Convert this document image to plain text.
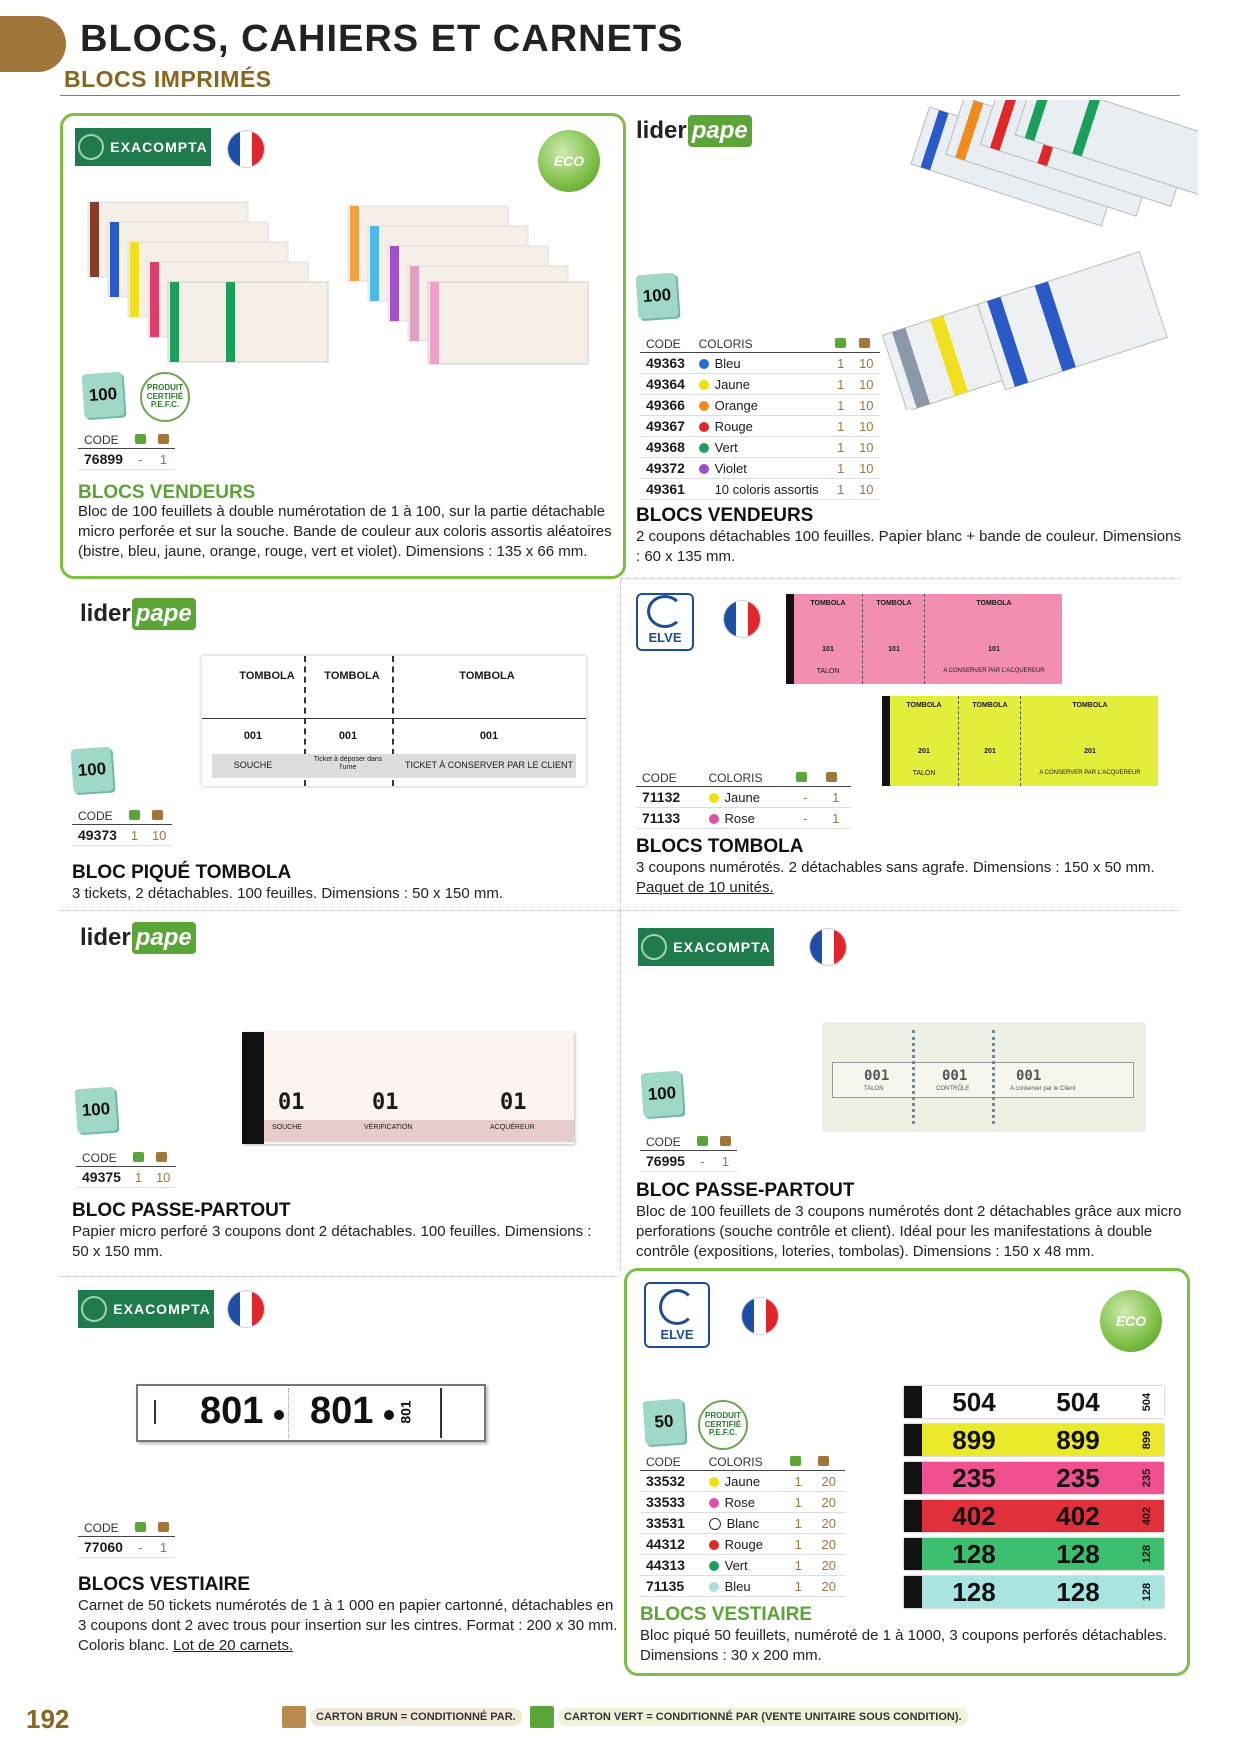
BLOCS, CAHIERS ET CARNETS
BLOCS IMPRIMÉS
EXACOMPTA
ECO
100	PRODUIT CERTIFIÉ P.E.F.C.
CODE		
76899	-	1
BLOCS VENDEURS
Bloc de 100 feuillets à double numérotation de 1 à 100, sur la partie détachable micro perforée et sur la souche. Bande de couleur aux coloris assortis aléatoires (bistre, bleu, jaune, orange, rouge, vert et violet). Dimensions : 135 x 66 mm.
lider pape
100
CODE	COLORIS		
49363	Bleu	1	10
49364	Jaune	1	10
49366	Orange	1	10
49367	Rouge	1	10
49368	Vert	1	10
49372	Violet	1	10
49361	10 coloris assortis	1	10
BLOCS VENDEURS
2 coupons détachables 100 feuilles. Papier blanc + bande de couleur. Dimensions : 60 x 135 mm.
lider pape
TOMBOLA	TOMBOLA	TOMBOLA
001	001	001
SOUCHE
Ticket à déposer dans l'urne	TICKET À CONSERVER PAR LE CLIENT
100
CODE		
49373	1	10
BLOC PIQUÉ TOMBOLA
3 tickets, 2 détachables. 100 feuilles. Dimensions : 50 x 150 mm.
ELVE
TOMBOLA	TOMBOLA	TOMBOLA
101	101	101
TALON	A CONSERVER PAR L'ACQUEREUR
TOMBOLA	TOMBOLA	TOMBOLA
201	201	201
TALON	A CONSERVER PAR L'ACQUEREUR
CODE	COLORIS		
71132	Jaune	-	1
71133	Rose	-	1
BLOCS TOMBOLA
3 coupons numérotés. 2 détachables sans agrafe. Dimensions : 150 x 50 mm.
Paquet de 10 unités.
lider pape
01	01	01
SOUCHE	VÉRIFICATION	ACQUÉREUR
100
CODE		
49375	1	10
BLOC PASSE-PARTOUT
Papier micro perforé 3 coupons dont 2 détachables. 100 feuilles. Dimensions : 50 x 150 mm.
EXACOMPTA
001	001	001
TALON	CONTRÔLE	A conserver par le Client
100
CODE		
76995	-	1
BLOC PASSE-PARTOUT
Bloc de 100 feuillets de 3 coupons numérotés dont 2 détachables grâce aux micro perforations (souche contrôle et client). Idéal pour les manifestations à double contrôle (expositions, loteries, tombolas). Dimensions : 150 x 48 mm.
EXACOMPTA
801 801 801
CODE		
77060	-	1
BLOCS VESTIAIRE
Carnet de 50 tickets numérotés de 1 à 1 000 en papier cartonné, détachables en 3 coupons dont 2 avec trous pour insertion sur les cintres. Format : 200 x 30 mm. Coloris blanc. Lot de 20 carnets.
ELVE
ECO
504	504	504
899	899	899
235	235	235
402	402	402
128	128	128
128	128	128
50	PRODUIT CERTIFIÉ P.E.F.C.
CODE	COLORIS		
33532	Jaune	1	20
33533	Rose	1	20
33531	Blanc	1	20
44312	Rouge	1	20
44313	Vert	1	20
71135	Bleu	1	20
BLOCS VESTIAIRE
Bloc piqué 50 feuillets, numéroté de 1 à 1000, 3 coupons perforés détachables. Dimensions : 30 x 200 mm.
192	CARTON BRUN = CONDITIONNÉ PAR.	CARTON VERT = CONDITIONNÉ PAR (VENTE UNITAIRE SOUS CONDITION).
